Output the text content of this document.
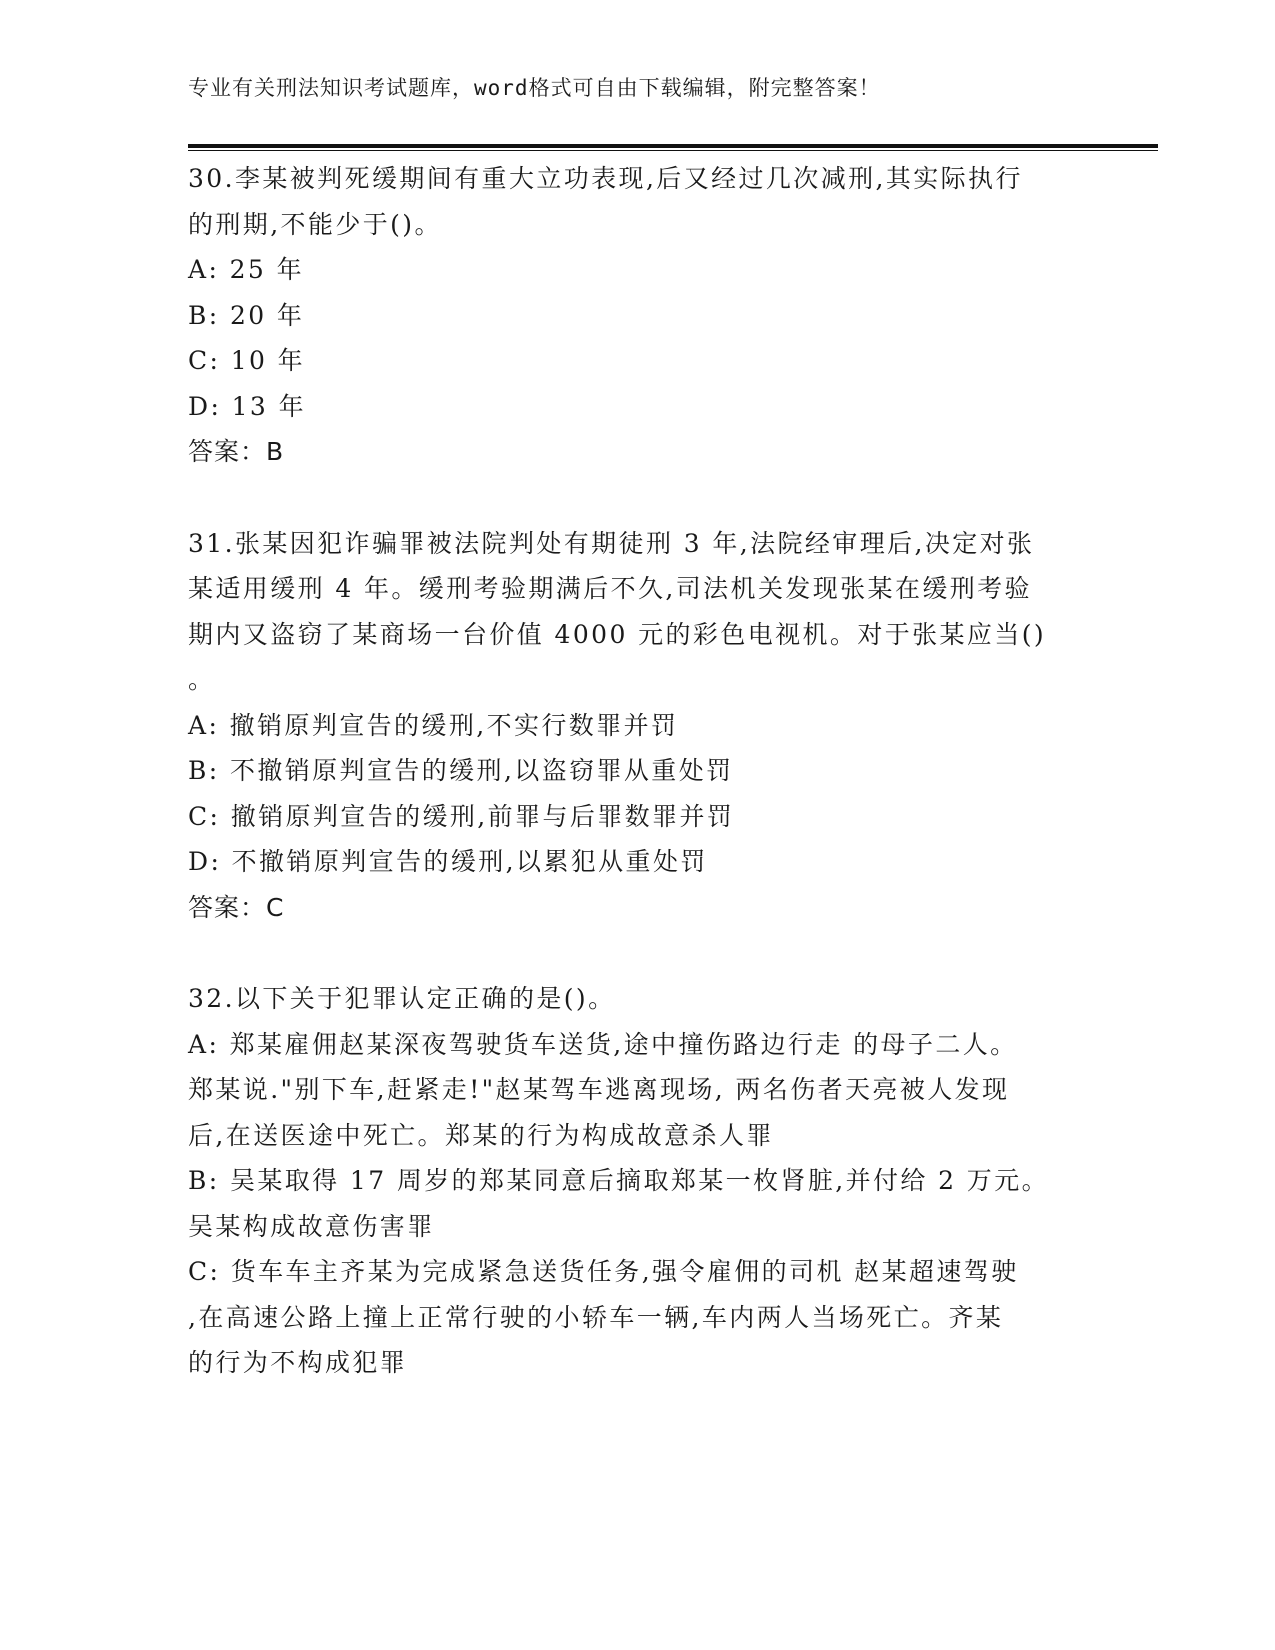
专业有关刑法知识考试题库，word格式可自由下载编辑，附完整答案！
30.李某被判死缓期间有重大立功表现,后又经过几次减刑,其实际执行
的刑期,不能少于()。
A: 25 年
B: 20 年
C: 10 年
D: 13 年
答案：B
31.张某因犯诈骗罪被法院判处有期徒刑 3 年,法院经审理后,决定对张
某适用缓刑 4 年。缓刑考验期满后不久,司法机关发现张某在缓刑考验
期内又盗窃了某商场一台价值 4000 元的彩色电视机。对于张某应当()
。
A: 撤销原判宣告的缓刑,不实行数罪并罚
B: 不撤销原判宣告的缓刑,以盗窃罪从重处罚
C: 撤销原判宣告的缓刑,前罪与后罪数罪并罚
D: 不撤销原判宣告的缓刑,以累犯从重处罚
答案：C
32.以下关于犯罪认定正确的是()。
A: 郑某雇佣赵某深夜驾驶货车送货,途中撞伤路边行走 的母子二人。
郑某说."别下车,赶紧走!"赵某驾车逃离现场, 两名伤者天亮被人发现
后,在送医途中死亡。郑某的行为构成故意杀人罪
B: 吴某取得 17 周岁的郑某同意后摘取郑某一枚肾脏,并付给 2 万元。
吴某构成故意伤害罪
C: 货车车主齐某为完成紧急送货任务,强令雇佣的司机 赵某超速驾驶
,在高速公路上撞上正常行驶的小轿车一辆,车内两人当场死亡。齐某
的行为不构成犯罪
